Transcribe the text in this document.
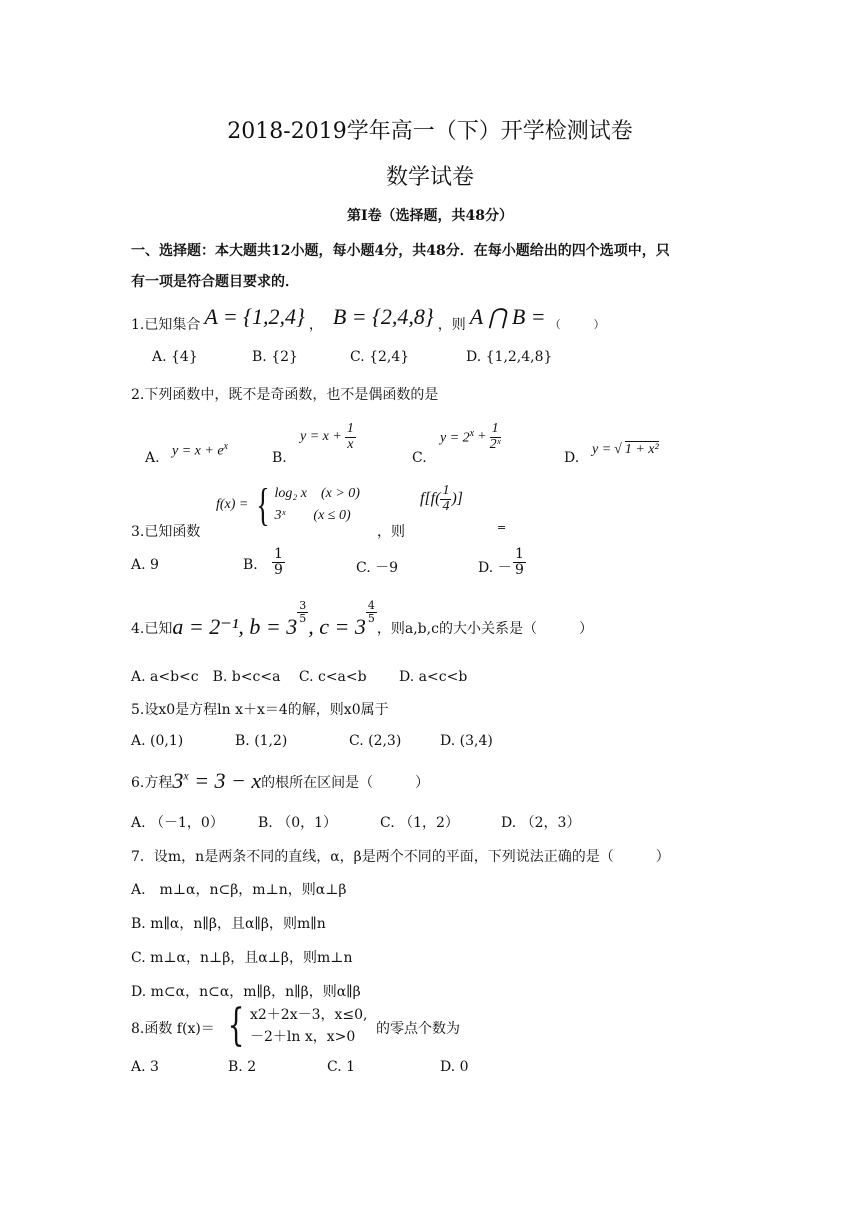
2018-2019学年高一（下）开学检测试卷
数学试卷
第Ⅰ卷（选择题，共48分）
一、选择题：本大题共12小题，每小题4分，共48分．在每小题给出的四个选项中，只
有一项是符合题目要求的．
1.已知集合 A = {1,2,4} ， B = {2,4,8} ，则 A ⋂ B = （　　　）
A. {4}	B. {2}	C. {2,4}	D. {1,2,4,8}
2.下列函数中，既不是奇函数，也不是偶函数的是
A. $y = x + e^x$
B.
$y = x + \frac{1}{x}$
C.
$y = 2^x + \frac{1}{\text{2ˣ}}$
D.
y = √ 1 + x²
3.已知函数
f(x) = { log₂ x　(x > 0)
3ˣ　　(x ≤ 0)
，则
$f[f( \frac{1}{4}$ )]
=
A. 9	B. $\frac{1}{9}$	C. －9	D. － $\frac{1}{9}$
4.已知 a = 2⁻¹, b = 3
$\frac{3}{5}$
, c = 3
$\frac{4}{5}$
，则a,b,c的大小关系是（　　　）
A. a<b<c　B. b<c<a　 C. c<a<b　　 D. a<c<b
5.设x0是方程ln x＋x＝4的解，则x0属于
A. (0,1)	B. (1,2)	C. (2,3)	D. (3,4)
6.方程 $3^x = 3 - x$ 的根所在区间是（　　　）
A. （－1，0） B. （0，1）	C. （1，2）	D. （2，3）
7．设m，n是两条不同的直线，α，β是两个不同的平面，下列说法正确的是（　　　）
A.　m⊥α，n⊂β，m⊥n，则α⊥β
B. m∥α，n∥β，且α∥β，则m∥n
C. m⊥α，n⊥β，且α⊥β，则m⊥n
D. m⊂α，n⊂α，m∥β，n∥β，则α∥β
8.函数 f(x)＝ { x2＋2x－3，x≤0,
－2＋ln x，x>0
的零点个数为
A. 3	B. 2	C. 1	D. 0
